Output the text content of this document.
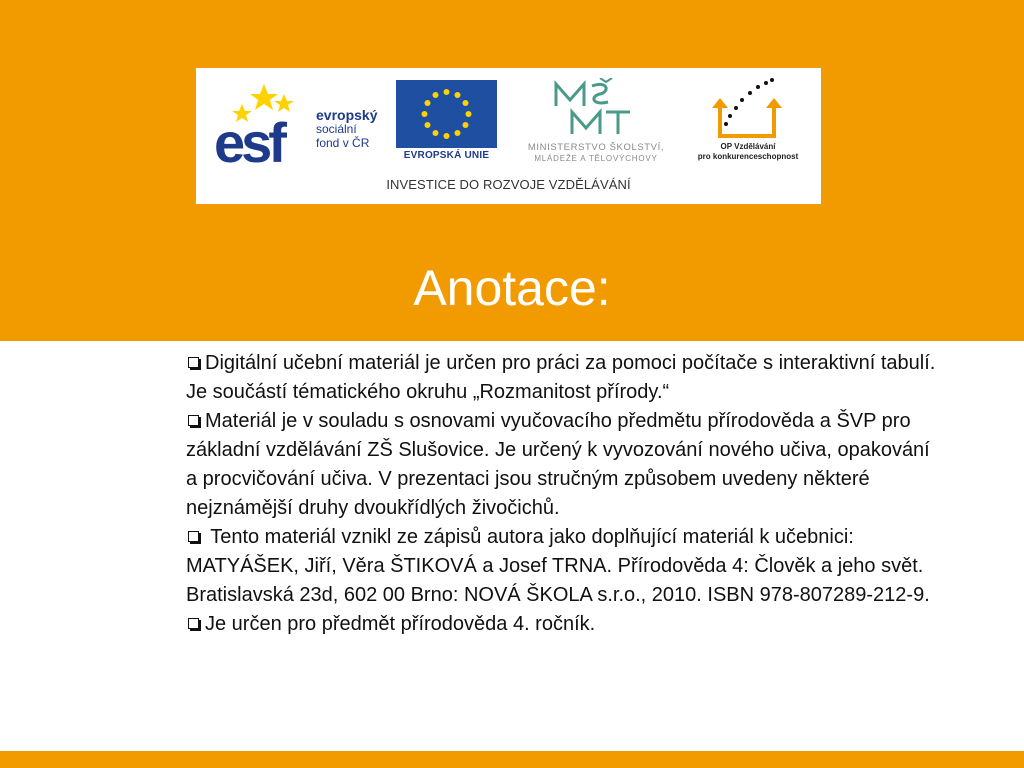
esf	evropský
sociální
fond v ČR
EVROPSKÁ UNIE
MINISTERSTVO ŠKOLSTVÍ,
MLÁDEŽE A TĚLOVÝCHOVY
OP Vzdělávání
pro konkurenceschopnost
INVESTICE DO ROZVOJE VZDĚLÁVÁNÍ
Anotace:

Digitální učební materiál je určen pro práci za pomoci počítače s interaktivní tabulí. Je součástí tématického okruhu „Rozmanitost přírody.“

Materiál je v souladu s osnovami vyučovacího předmětu přírodověda a ŠVP pro základní vzdělávání ZŠ Slušovice. Je určený k vyvozování nového učiva, opakování a procvičování učiva. V prezentaci jsou stručným způsobem uvedeny některé nejznámější druhy dvoukřídlých živočichů.

Tento materiál vznikl ze zápisů autora jako doplňující materiál k učebnici: MATYÁŠEK, Jiří, Věra ŠTIKOVÁ a Josef TRNA. Přírodověda 4: Člověk a jeho svět. Bratislavská 23d, 602 00 Brno: NOVÁ ŠKOLA s.r.o., 2010. ISBN 978-807289-212-9.

Je určen pro předmět přírodověda 4. ročník.
